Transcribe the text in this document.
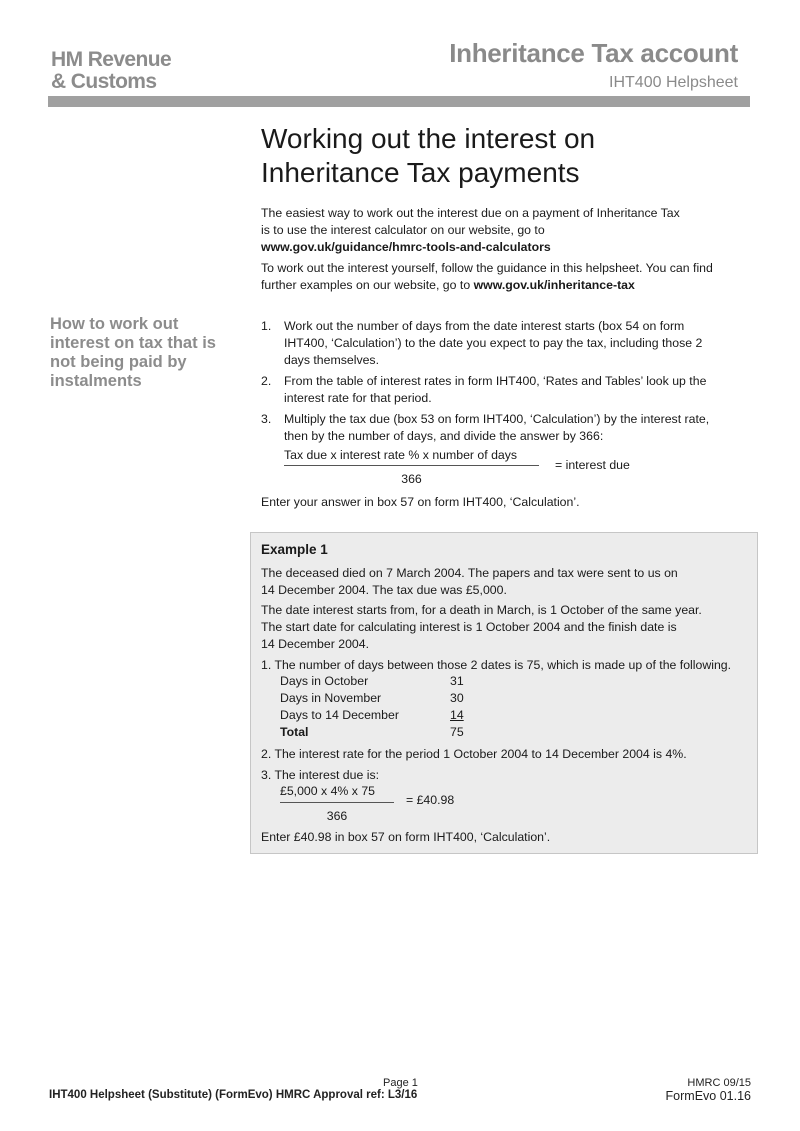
HM Revenue
& Customs
Inheritance Tax account
IHT400 Helpsheet
Working out the interest on Inheritance Tax payments
The easiest way to work out the interest due on a payment of Inheritance Tax
is to use the interest calculator on our website, go to
www.gov.uk/guidance/hmrc-tools-and-calculators
To work out the interest yourself, follow the guidance in this helpsheet. You can find
further examples on our website, go to www.gov.uk/inheritance-tax
How to work out interest on tax that is not being paid by instalments
1. Work out the number of days from the date interest starts (box 54 on form IHT400, ‘Calculation’) to the date you expect to pay the tax, including those 2 days themselves.
2. From the table of interest rates in form IHT400, ‘Rates and Tables’ look up the interest rate for that period.
3. Multiply the tax due (box 53 on form IHT400, ‘Calculation’) by the interest rate, then by the number of days, and divide the answer by 366:
Tax due x interest rate % x number of days
366
= interest due
Enter your answer in box 57 on form IHT400, ‘Calculation’.
Example 1
The deceased died on 7 March 2004. The papers and tax were sent to us on
14 December 2004. The tax due was £5,000.
The date interest starts from, for a death in March, is 1 October of the same year.
The start date for calculating interest is 1 October 2004 and the finish date is
14 December 2004.
1. The number of days between those 2 dates is 75, which is made up of the following.
Days in October	31
Days in November	30
Days to 14 December	14
Total	75
2. The interest rate for the period 1 October 2004 to 14 December 2004 is 4%.
3. The interest due is:
£5,000 x 4% x 75
366
= £40.98
Enter £40.98 in box 57 on form IHT400, ‘Calculation’.
Page 1
IHT400 Helpsheet (Substitute) (FormEvo) HMRC Approval ref: L3/16
HMRC 09/15
FormEvo 01.16
